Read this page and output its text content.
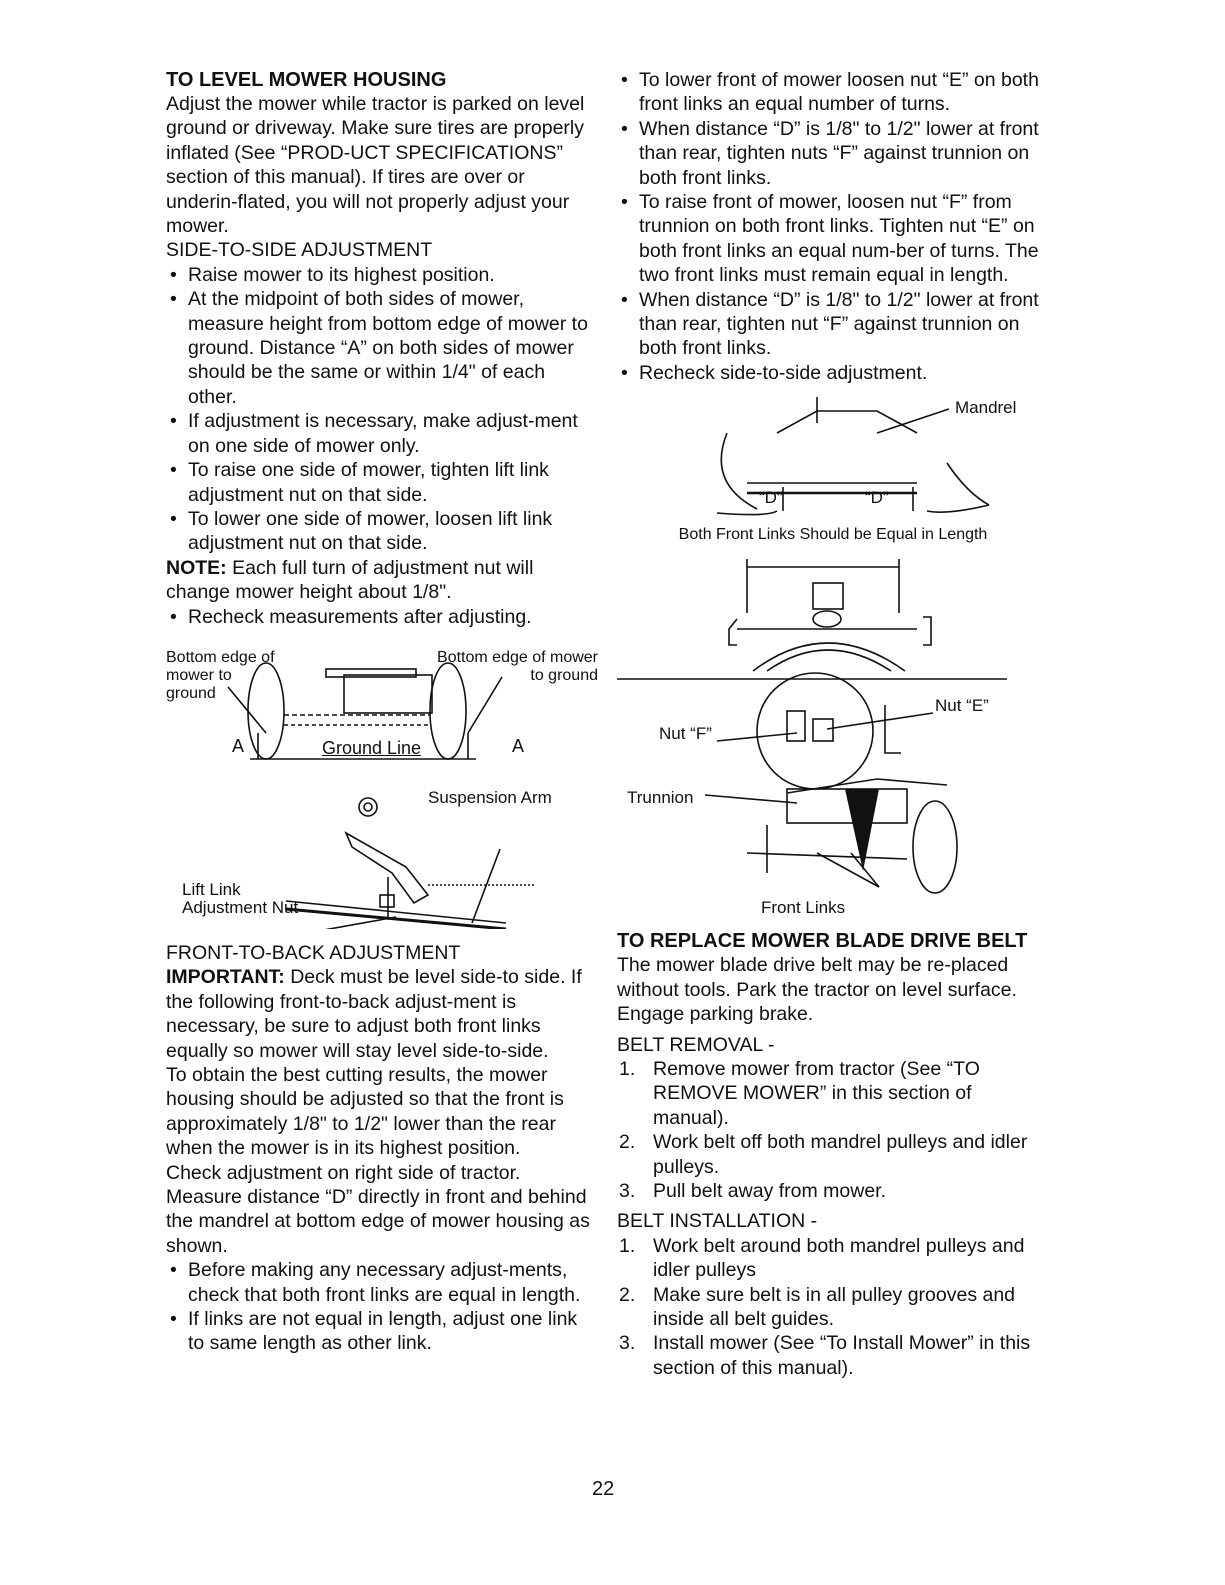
TO LEVEL MOWER HOUSING

Adjust the mower while tractor is parked on level ground or driveway. Make sure tires are properly inflated (See “PROD-UCT SPECIFICATIONS” section of this manual). If tires are over or underin-flated, you will not properly adjust your mower.

SIDE-TO-SIDE ADJUSTMENT

• Raise mower to its highest position.
• At the midpoint of both sides of mower, measure height from bottom edge of mower to ground. Distance “A” on both sides of mower should be the same or within 1/4" of each other.
• If adjustment is necessary, make adjust-ment on one side of mower only.
• To raise one side of mower, tighten lift link adjustment nut on that side.
• To lower one side of mower, loosen lift link adjustment nut on that side.

NOTE: Each full turn of adjustment nut will change mower height about 1/8".

• Recheck measurements after adjusting.
Bottom edge of mower to ground
Bottom edge of mower to ground
A	A
Ground Line
Suspension Arm
Lift Link Adjustment Nut

FRONT-TO-BACK ADJUSTMENT

IMPORTANT: Deck must be level side-to side. If the following front-to-back adjust-ment is necessary, be sure to adjust both front links equally so mower will stay level side-to-side.

To obtain the best cutting results, the mower housing should be adjusted so that the front is approximately 1/8" to 1/2" lower than the rear when the mower is in its highest position.

Check adjustment on right side of tractor. Measure distance “D” directly in front and behind the mandrel at bottom edge of mower housing as shown.

• Before making any necessary adjust-ments, check that both front links are equal in length.
• If links are not equal in length, adjust one link to same length as other link.
• To lower front of mower loosen nut “E” on both front links an equal number of turns.
• When distance “D” is 1/8" to 1/2" lower at front than rear, tighten nuts “F” against trunnion on both front links.
• To raise front of mower, loosen nut “F” from trunnion on both front links. Tighten nut “E” on both front links an equal num-ber of turns. The two front links must remain equal in length.
• When distance “D” is 1/8" to 1/2" lower at front than rear, tighten nut “F” against trunnion on both front links.
• Recheck side-to-side adjustment.
Mandrel
“D”	“D”

Both Front Links Should be Equal in Length

Nut “F”
Nut “E”
Trunnion
Front Links

TO REPLACE MOWER BLADE DRIVE BELT

The mower blade drive belt may be re-placed without tools. Park the tractor on level surface. Engage parking brake.

BELT REMOVAL -

1. Remove mower from tractor (See “TO REMOVE MOWER” in this section of manual).
2. Work belt off both mandrel pulleys and idler pulleys.
3. Pull belt away from mower.

BELT INSTALLATION -

1. Work belt around both mandrel pulleys and idler pulleys
2. Make sure belt is in all pulley grooves and inside all belt guides.
3. Install mower (See “To Install Mower” in this section of this manual).
22
